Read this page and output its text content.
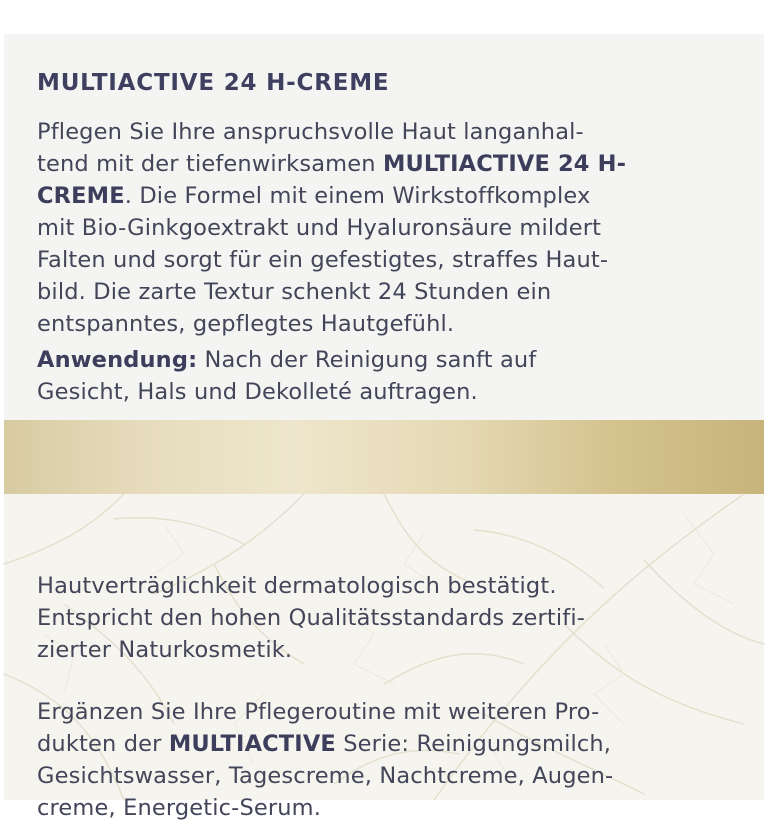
MULTIACTIVE 24 H-CREME
Pflegen Sie Ihre anspruchsvolle Haut langanhal-
tend mit der tiefenwirksamen MULTIACTIVE 24 H-
CREME. Die Formel mit einem Wirkstoffkomplex
mit Bio-Ginkgoextrakt und Hyaluronsäure mildert
Falten und sorgt für ein gefestigtes, straffes Haut-
bild. Die zarte Textur schenkt 24 Stunden ein
entspanntes, gepflegtes Hautgefühl.
Anwendung: Nach der Reinigung sanft auf
Gesicht, Hals und Dekolleté auftragen.
Hautverträglichkeit dermatologisch bestätigt.
Entspricht den hohen Qualitätsstandards zertifi-
zierter Naturkosmetik.
Ergänzen Sie Ihre Pflegeroutine mit weiteren Pro-
dukten der MULTIACTIVE Serie: Reinigungsmilch,
Gesichtswasser, Tagescreme, Nachtcreme, Augen-
creme, Energetic-Serum.
